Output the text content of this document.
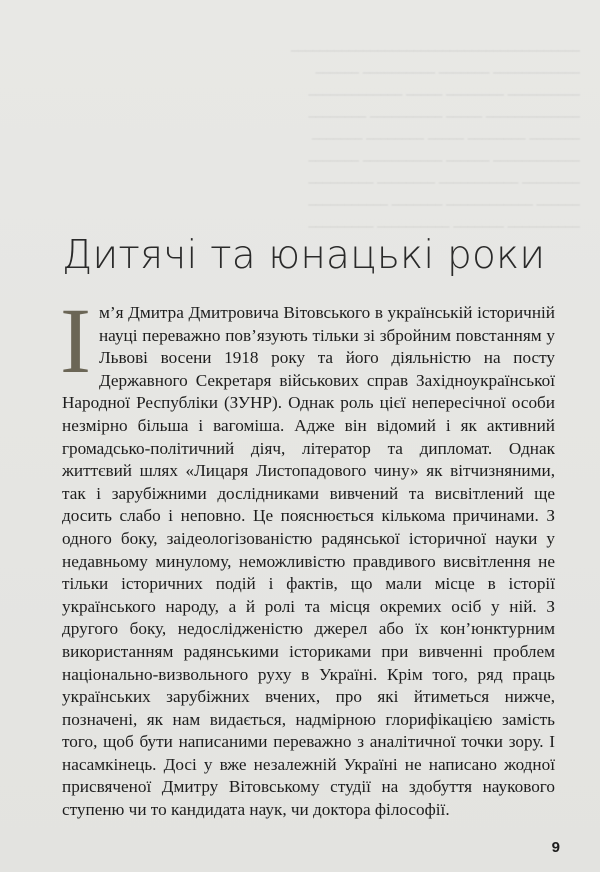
────────────────────────────────────────
──────────── ─────── ────────── ──────
────────── ──────── ───── ─────────────
───────────── ───── ────────── ────────
─────── ──────── ───── ──────── ───────
──────────── ────── ─────────── ───────
──────── ─────────── ──────── ─────────
────── ──────────── ─────── ───────────
────────── ─────── ────────── ─────────
Дитячі та юнацькі роки

Ім’я Дмитра Дмитровича Вітовського в українській історичній науці переважно пов’язують тільки зі збройним повстанням у Львові восени 1918 року та його діяльністю на посту Державного Секретаря військових справ Західноукраїнської Народної Республіки (ЗУНР). Однак роль цієї непересічної особи незмірно більша і вагоміша. Адже він відомий і як активний громадсько-політичний діяч, літератор та дипломат. Однак життєвий шлях «Лицаря Листопадового чину» як вітчизняними, так і зарубіжними дослідниками вивчений та висвітлений ще досить слабо і неповно. Це пояснюється кількома причинами. З одного боку, заідеологізованістю радянської історичної науки у недавньому минулому, неможливістю правдивого висвітлення не тільки історичних подій і фактів, що мали місце в історії українського народу, а й ролі та місця окремих осіб у ній. З другого боку, недослідженістю джерел або їх кон’юнктурним використанням радянськими істориками при вивченні проблем національно-визвольного руху в Україні. Крім того, ряд праць українських зарубіжних вчених, про які йтиметься нижче, позначені, як нам видається, надмірною глорифікацією замість того, щоб бути написаними переважно з аналітичної точки зору. І насамкінець. Досі у вже незалежній Україні не написано жодної присвяченої Дмитру Вітовському студії на здобуття наукового ступеню чи то кандидата наук, чи доктора філософії.

9
